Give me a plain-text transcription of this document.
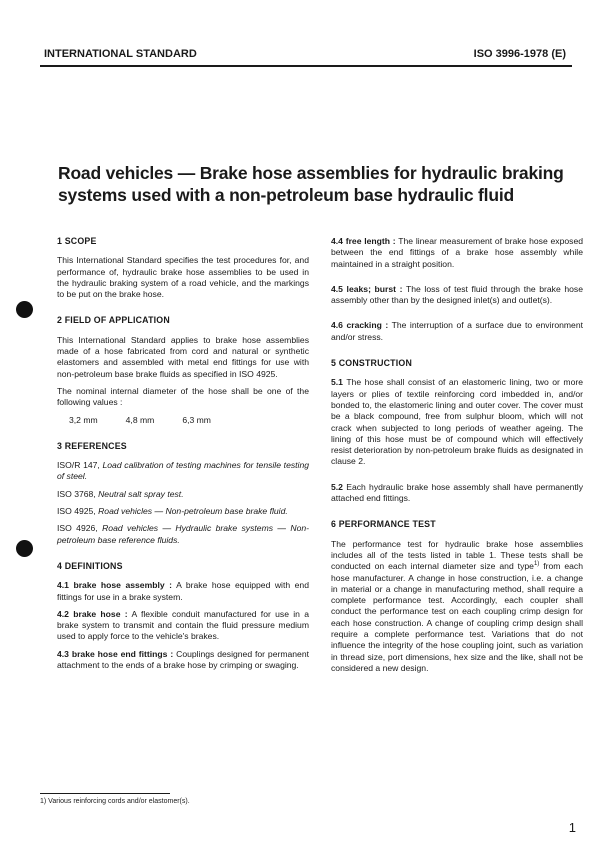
INTERNATIONAL STANDARD	ISO 3996-1978 (E)
Road vehicles — Brake hose assemblies for hydraulic braking
systems used with a non-petroleum base hydraulic fluid
1 SCOPE

This International Standard specifies the test procedures for, and performance of, hydraulic brake hose assemblies to be used in the hydraulic braking system of a road vehicle, and the markings to be put on the brake hose.

2 FIELD OF APPLICATION

This International Standard applies to brake hose assemblies made of a hose fabricated from cord and natural or synthetic elastomers and assembled with metal end fittings for use with non-petroleum base brake fluids as specified in ISO 4925.

The nominal internal diameter of the hose shall be one of the following values :

3,2 mm	4,8 mm	6,3 mm
3 REFERENCES

ISO/R 147, Load calibration of testing machines for tensile testing of steel.

ISO 3768, Neutral salt spray test.

ISO 4925, Road vehicles — Non-petroleum base brake fluid.

ISO 4926, Road vehicles — Hydraulic brake systems — Non-petroleum base reference fluids.

4 DEFINITIONS

4.1 brake hose assembly : A brake hose equipped with end fittings for use in a brake system.

4.2 brake hose : A flexible conduit manufactured for use in a brake system to transmit and contain the fluid pressure medium used to apply force to the vehicle's brakes.

4.3 brake hose end fittings : Couplings designed for permanent attachment to the ends of a brake hose by crimping or swaging.

4.4 free length : The linear measurement of brake hose exposed between the end fittings of a brake hose assembly while maintained in a straight position.

4.5 leaks; burst : The loss of test fluid through the brake hose assembly other than by the designed inlet(s) and outlet(s).

4.6 cracking : The interruption of a surface due to environment and/or stress.

5 CONSTRUCTION

5.1 The hose shall consist of an elastomeric lining, two or more layers or plies of textile reinforcing cord imbedded in, and/or bonded to, the elastomeric lining and outer cover. The cover must be a black compound, free from sulphur bloom, which will not crack when subjected to long periods of weather ageing. The lining of this hose must be of compound which will effectively resist deterioration by non-petroleum brake fluids as designated in clause 2.

5.2 Each hydraulic brake hose assembly shall have permanently attached end fittings.

6 PERFORMANCE TEST

The performance test for hydraulic brake hose assemblies includes all of the tests listed in table 1. These tests shall be conducted on each internal diameter size and type$^{1)}$ from each hose manufacturer. A change in hose construction, i.e. a change in material or a change in manufacturing method, shall require a complete performance test. Accordingly, each coupler shall conduct the performance test on each coupling crimp design for each hose construction. A change of coupling crimp design shall require a complete performance test. Variations that do not influence the integrity of the hose coupling joint, such as variation in thread size, port dimensions, hex size and the like, shall not be considered a new design.

1) Various reinforcing cords and/or elastomer(s).
1
